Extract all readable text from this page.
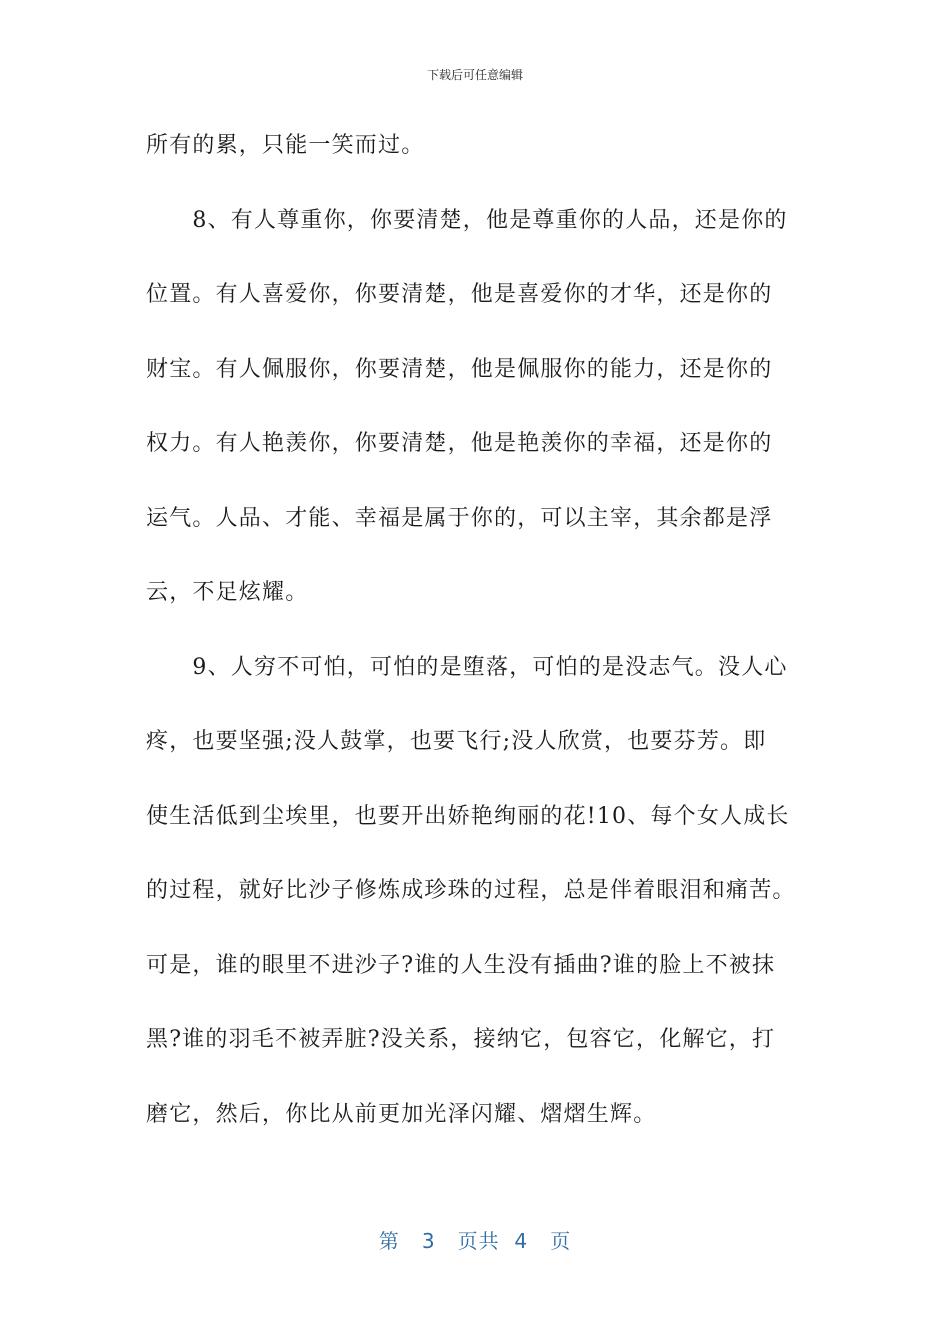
下载后可任意编辑
所有的累，只能一笑而过。
　　8、有人尊重你，你要清楚，他是尊重你的人品，还是你的
位置。有人喜爱你，你要清楚，他是喜爱你的才华，还是你的
财宝。有人佩服你，你要清楚，他是佩服你的能力，还是你的
权力。有人艳羡你，你要清楚，他是艳羡你的幸福，还是你的
运气。人品、才能、幸福是属于你的，可以主宰，其余都是浮
云，不足炫耀。
　　9、人穷不可怕，可怕的是堕落，可怕的是没志气。没人心
疼，也要坚强;没人鼓掌，也要飞行;没人欣赏，也要芬芳。即
使生活低到尘埃里，也要开出娇艳绚丽的花!10、每个女人成长
的过程，就好比沙子修炼成珍珠的过程，总是伴着眼泪和痛苦。
可是，谁的眼里不进沙子?谁的人生没有插曲?谁的脸上不被抹
黑?谁的羽毛不被弄脏?没关系，接纳它，包容它，化解它，打
磨它，然后，你比从前更加光泽闪耀、熠熠生辉。
第 3 页共 4 页
